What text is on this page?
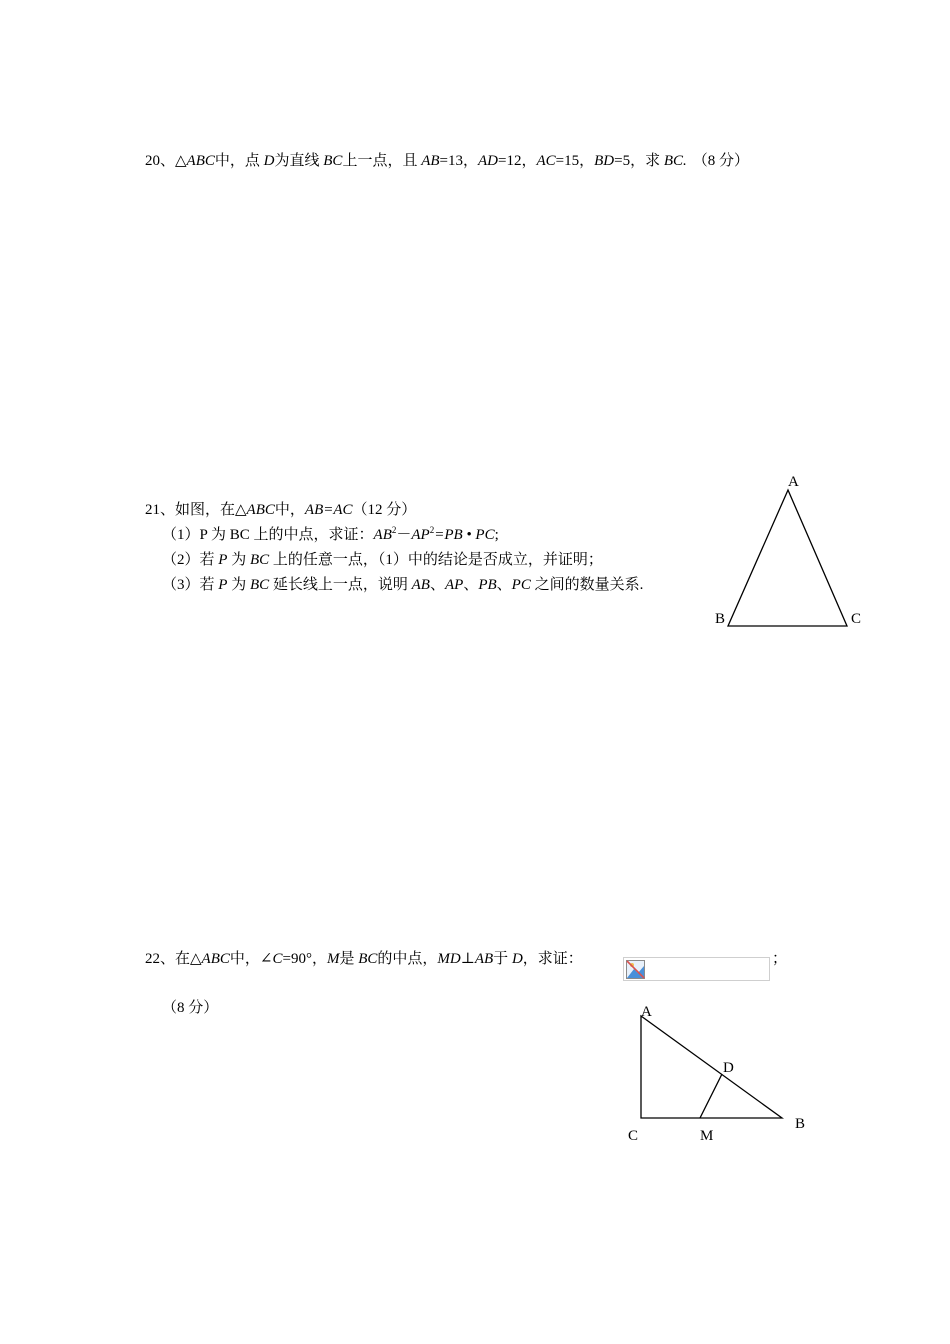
20、△ABC中，点 D为直线 BC上一点，且 AB=13，AD=12，AC=15，BD=5，求 BC. （8 分）
21、如图，在△ABC中，AB=AC（12 分）
（1）P 为 BC 上的中点，求证：$AB^2-AP^2=PB$ • PC;
（2）若 P 为 BC 上的任意一点，（1）中的结论是否成立，并证明；
（3）若 P 为 BC 延长线上一点，说明 AB、AP、PB、PC 之间的数量关系.
A
B	C
22、在△ABC中，∠C=90°，M是 BC的中点，MD⊥AB于 D，求证：	；
（8 分）	A
D
B
C	M
